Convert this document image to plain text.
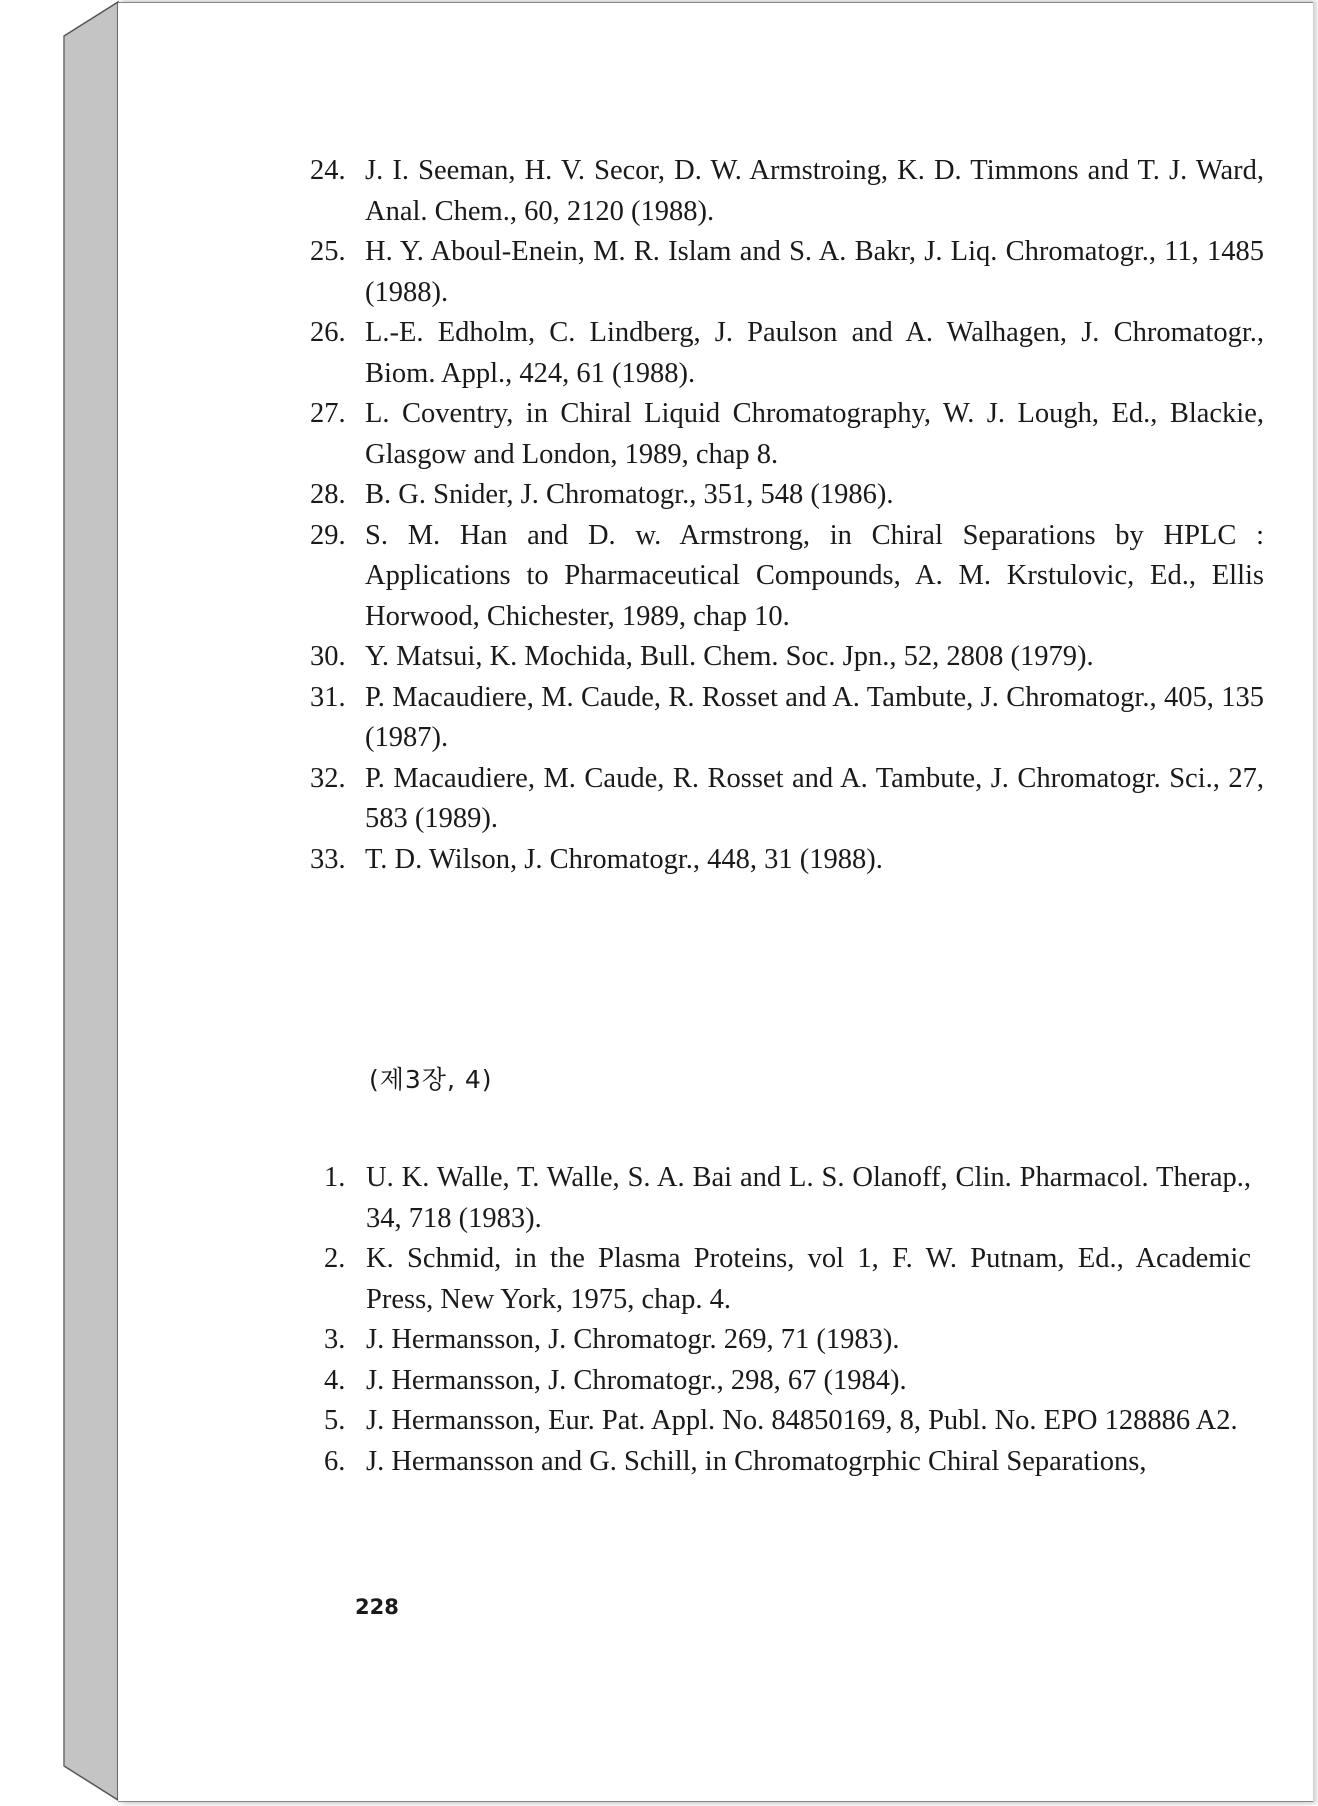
24. J. I. Seeman, H. V. Secor, D. W. Armstroing, K. D. Timmons and T. J. Ward, Anal. Chem., 60, 2120 (1988).
25. H. Y. Aboul-Enein, M. R. Islam and S. A. Bakr, J. Liq. Chromatogr., 11, 1485 (1988).
26. L.-E. Edholm, C. Lindberg, J. Paulson and A. Walhagen, J. Chromatogr., Biom. Appl., 424, 61 (1988).
27. L. Coventry, in Chiral Liquid Chromatography, W. J. Lough, Ed., Blackie, Glasgow and London, 1989, chap 8.
28. B. G. Snider, J. Chromatogr., 351, 548 (1986).
29. S. M. Han and D. w. Armstrong, in Chiral Separations by HPLC : Applications to Pharmaceutical Compounds, A. M. Krstulovic, Ed., Ellis Horwood, Chichester, 1989, chap 10.
30. Y. Matsui, K. Mochida, Bull. Chem. Soc. Jpn., 52, 2808 (1979).
31. P. Macaudiere, M. Caude, R. Rosset and A. Tambute, J. Chromatogr., 405, 135 (1987).
32. P. Macaudiere, M. Caude, R. Rosset and A. Tambute, J. Chromatogr. Sci., 27, 583 (1989).
33. T. D. Wilson, J. Chromatogr., 448, 31 (1988).
(제3장, 4)
1. U. K. Walle, T. Walle, S. A. Bai and L. S. Olanoff, Clin. Pharmacol. Therap., 34, 718 (1983).
2. K. Schmid, in the Plasma Proteins, vol 1, F. W. Putnam, Ed., Academic Press, New York, 1975, chap. 4.
3. J. Hermansson, J. Chromatogr. 269, 71 (1983).
4. J. Hermansson, J. Chromatogr., 298, 67 (1984).
5. J. Hermansson, Eur. Pat. Appl. No. 84850169, 8, Publ. No. EPO 128886 A2.
6. J. Hermansson and G. Schill, in Chromatogrphic Chiral Separations,
228
